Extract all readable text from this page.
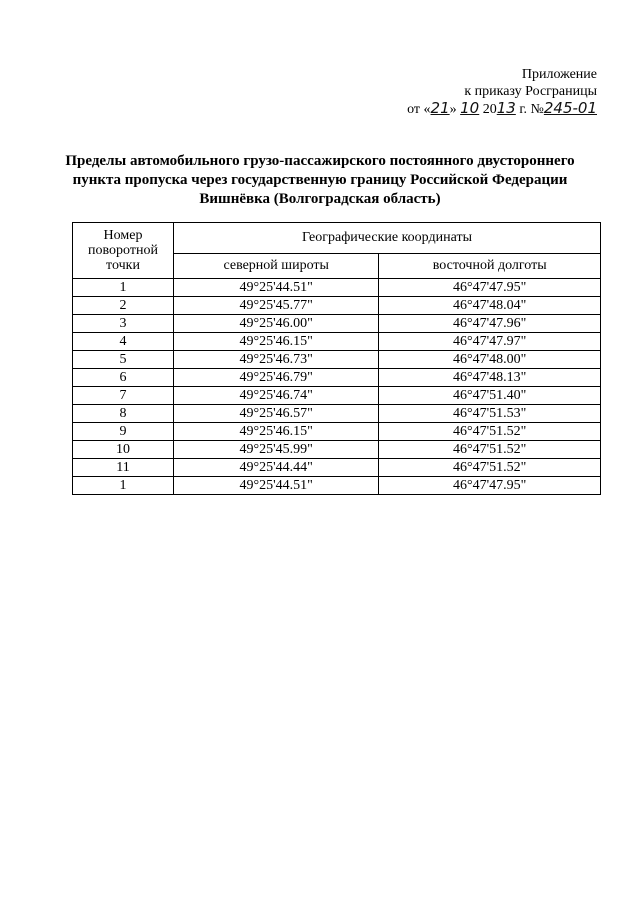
Приложение
к приказу Росграницы
от «21» 10 2013 г. №245-01
Пределы автомобильного грузо-пассажирского постоянного двустороннего
пункта пропуска через государственную границу Российской Федерации
Вишнёвка (Волгоградская область)
Номер поворотной точки	Географические координаты	
	северной широты	восточной долготы
1	49°25'44.51"	46°47'47.95"
2	49°25'45.77"	46°47'48.04"
3	49°25'46.00"	46°47'47.96"
4	49°25'46.15"	46°47'47.97"
5	49°25'46.73"	46°47'48.00"
6	49°25'46.79"	46°47'48.13"
7	49°25'46.74"	46°47'51.40"
8	49°25'46.57"	46°47'51.53"
9	49°25'46.15"	46°47'51.52"
10	49°25'45.99"	46°47'51.52"
11	49°25'44.44"	46°47'51.52"
1	49°25'44.51"	46°47'47.95"
